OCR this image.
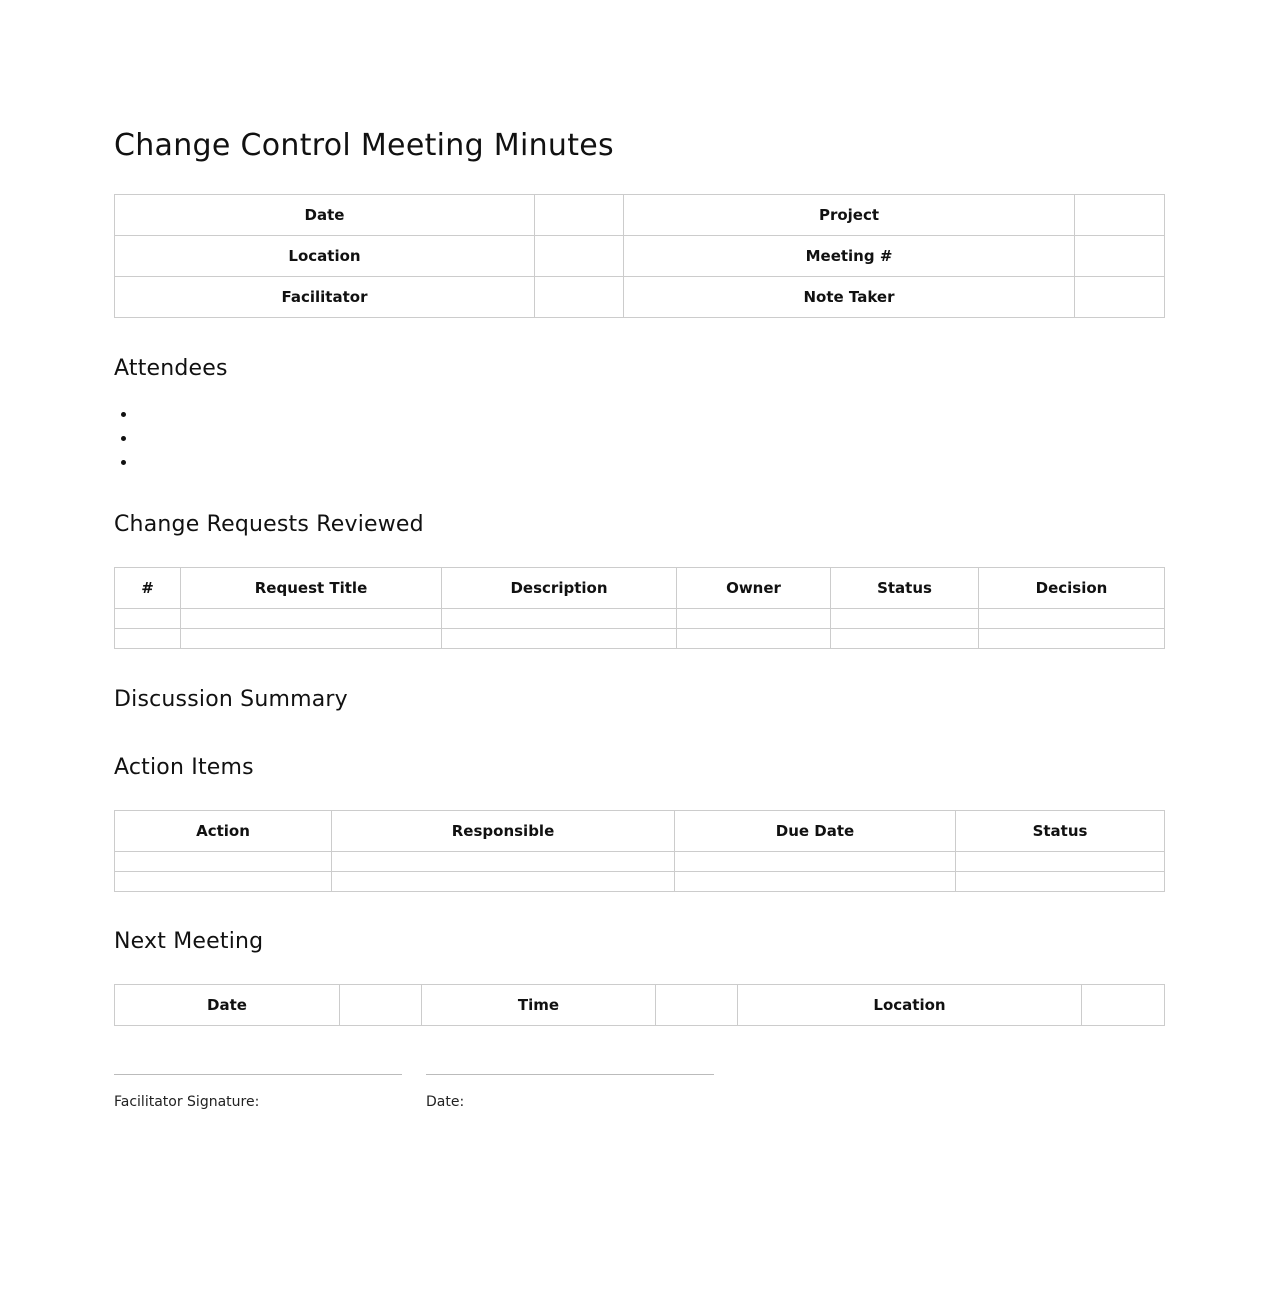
Change Control Meeting Minutes
Date		Project	
Location		Meeting #	
Facilitator		Note Taker	
Attendees
Change Requests Reviewed
#	Request Title	Description	Owner	Status	Decision

Discussion Summary
Action Items
Action	Responsible	Due Date	Status

Next Meeting
Date		Time		Location	
Facilitator Signature:	Date:
